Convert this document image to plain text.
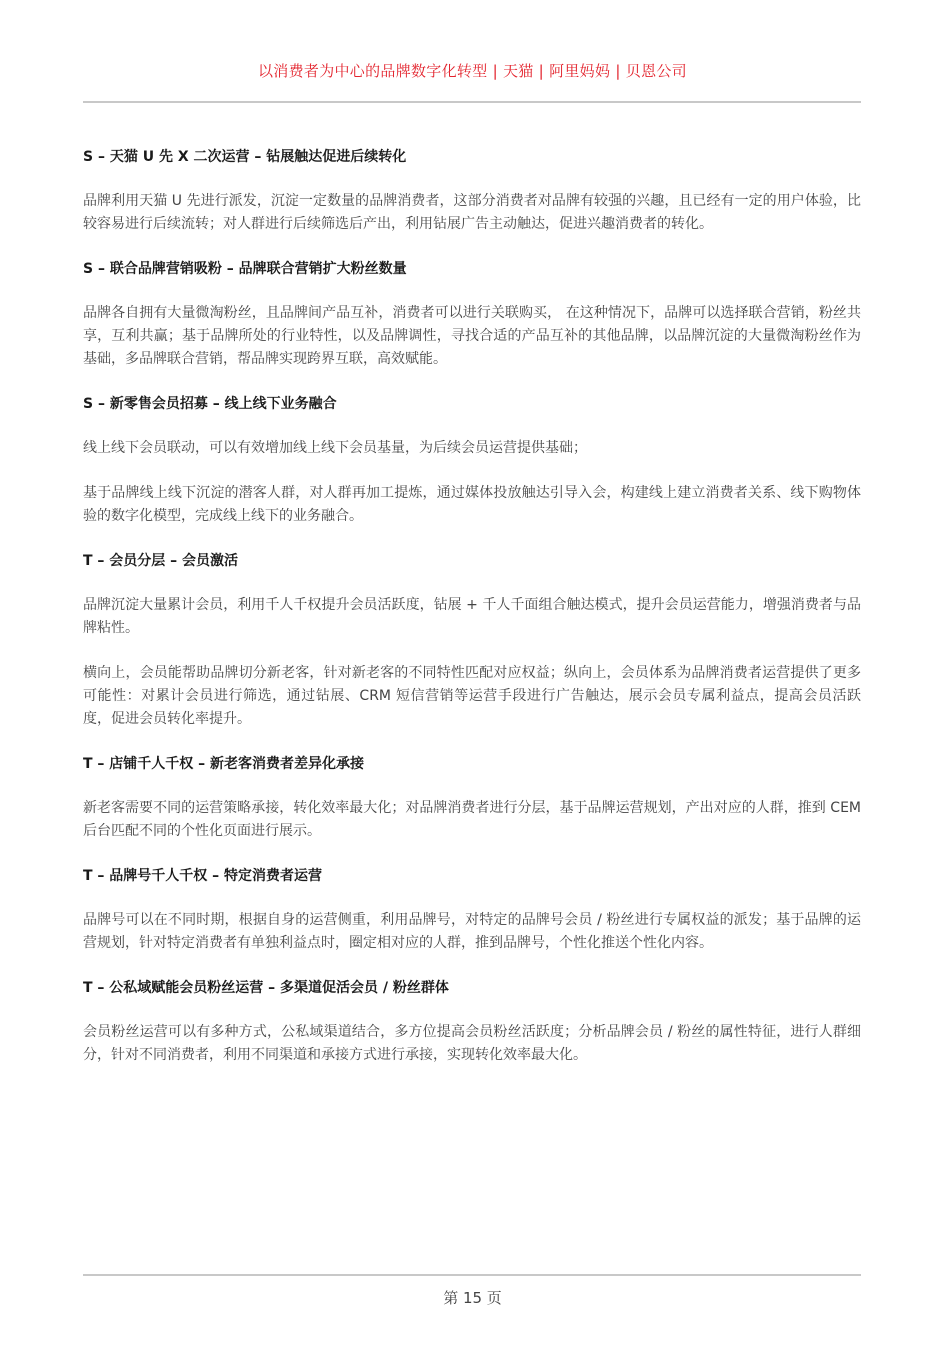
以消费者为中心的品牌数字化转型 | 天猫 | 阿里妈妈 | 贝恩公司
S – 天猫 U 先 X 二次运营 – 钻展触达促进后续转化

品牌利用天猫 U 先进行派发，沉淀一定数量的品牌消费者，这部分消费者对品牌有较强的兴趣，且已经有一定的用户体验，比较容易进行后续流转；对人群进行后续筛选后产出，利用钻展广告主动触达，促进兴趣消费者的转化。

S – 联合品牌营销吸粉 – 品牌联合营销扩大粉丝数量

品牌各自拥有大量微淘粉丝，且品牌间产品互补，消费者可以进行关联购买， 在这种情况下，品牌可以选择联合营销，粉丝共享，互利共赢；基于品牌所处的行业特性，以及品牌调性，寻找合适的产品互补的其他品牌，以品牌沉淀的大量微淘粉丝作为基础，多品牌联合营销，帮品牌实现跨界互联，高效赋能。

S – 新零售会员招募 – 线上线下业务融合

线上线下会员联动，可以有效增加线上线下会员基量，为后续会员运营提供基础；

基于品牌线上线下沉淀的潜客人群，对人群再加工提炼，通过媒体投放触达引导入会，构建线上建立消费者关系、线下购物体验的数字化模型，完成线上线下的业务融合。

T – 会员分层 – 会员激活

品牌沉淀大量累计会员，利用千人千权提升会员活跃度，钻展 + 千人千面组合触达模式，提升会员运营能力，增强消费者与品牌粘性。

横向上，会员能帮助品牌切分新老客，针对新老客的不同特性匹配对应权益；纵向上，会员体系为品牌消费者运营提供了更多可能性：对累计会员进行筛选，通过钻展、CRM 短信营销等运营手段进行广告触达，展示会员专属利益点，提高会员活跃度，促进会员转化率提升。

T – 店铺千人千权 – 新老客消费者差异化承接

新老客需要不同的运营策略承接，转化效率最大化；对品牌消费者进行分层，基于品牌运营规划，产出对应的人群，推到 CEM 后台匹配不同的个性化页面进行展示。

T – 品牌号千人千权 – 特定消费者运营

品牌号可以在不同时期，根据自身的运营侧重，利用品牌号，对特定的品牌号会员 / 粉丝进行专属权益的派发；基于品牌的运营规划，针对特定消费者有单独利益点时，圈定相对应的人群，推到品牌号，个性化推送个性化内容。

T – 公私域赋能会员粉丝运营 – 多渠道促活会员 / 粉丝群体

会员粉丝运营可以有多种方式，公私域渠道结合，多方位提高会员粉丝活跃度；分析品牌会员 / 粉丝的属性特征，进行人群细分，针对不同消费者，利用不同渠道和承接方式进行承接，实现转化效率最大化。

第 15 页
